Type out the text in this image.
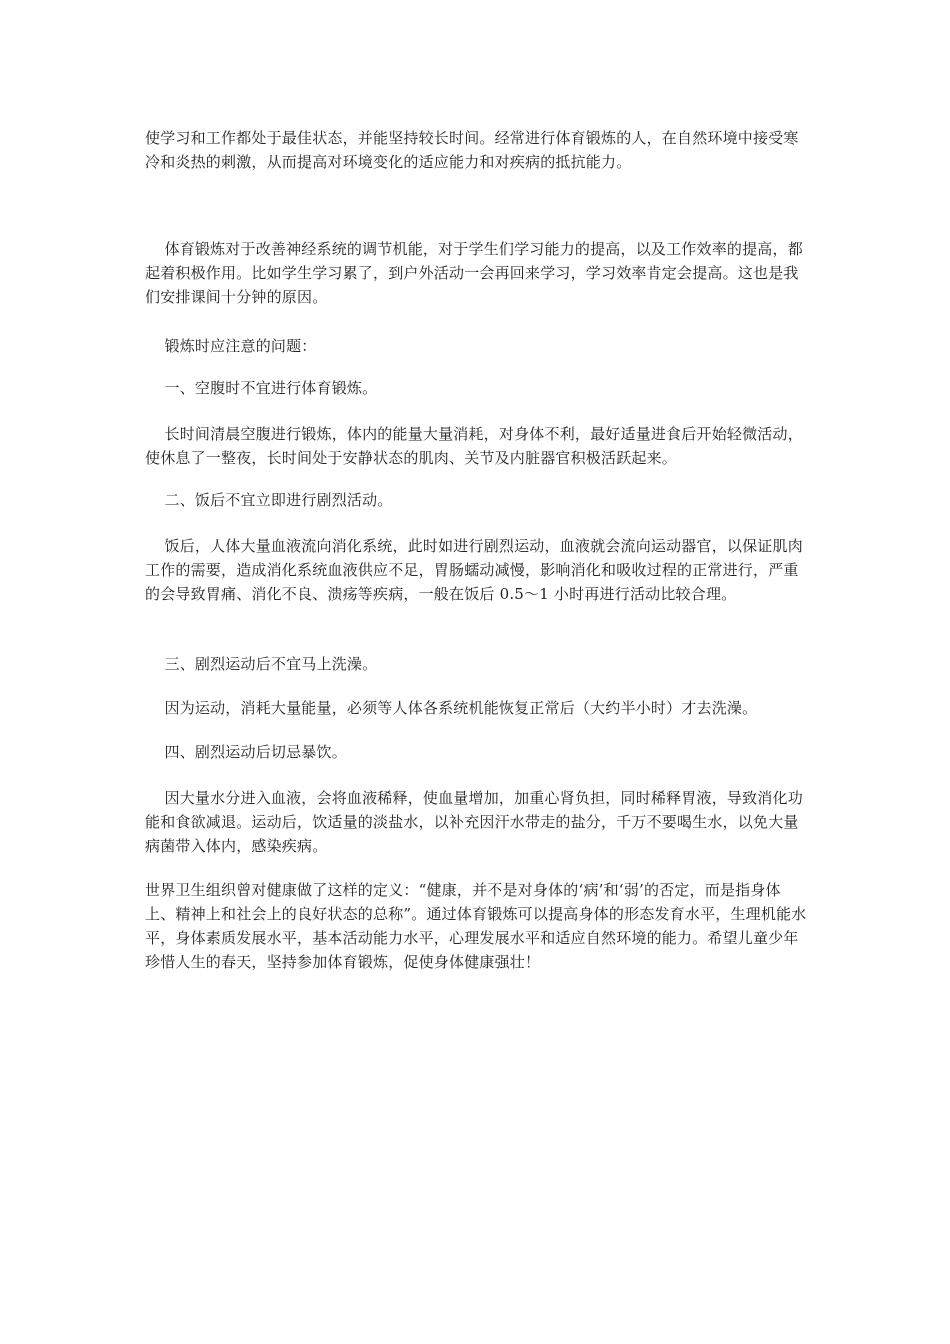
使学习和工作都处于最佳状态，并能坚持较长时间。经常进行体育锻炼的人，在自然环境中接受寒冷和炎热的刺激，从而提高对环境变化的适应能力和对疾病的抵抗能力。

体育锻炼对于改善神经系统的调节机能，对于学生们学习能力的提高，以及工作效率的提高，都起着积极作用。比如学生学习累了，到户外活动一会再回来学习，学习效率肯定会提高。这也是我们安排课间十分钟的原因。

锻炼时应注意的问题：

一、空腹时不宜进行体育锻炼。

长时间清晨空腹进行锻炼，体内的能量大量消耗，对身体不利，最好适量进食后开始轻微活动，使休息了一整夜，长时间处于安静状态的肌肉、关节及内脏器官积极活跃起来。

二、饭后不宜立即进行剧烈活动。

饭后，人体大量血液流向消化系统，此时如进行剧烈运动，血液就会流向运动器官，以保证肌肉工作的需要，造成消化系统血液供应不足，胃肠蠕动减慢，影响消化和吸收过程的正常进行，严重的会导致胃痛、消化不良、溃疡等疾病，一般在饭后 0.5～1 小时再进行活动比较合理。

三、剧烈运动后不宜马上洗澡。

因为运动，消耗大量能量，必须等人体各系统机能恢复正常后（大约半小时）才去洗澡。

四、剧烈运动后切忌暴饮。

因大量水分进入血液，会将血液稀释，使血量增加，加重心肾负担，同时稀释胃液，导致消化功能和食欲减退。运动后，饮适量的淡盐水，以补充因汗水带走的盐分，千万不要喝生水，以免大量病菌带入体内，感染疾病。

世界卫生组织曾对健康做了这样的定义：“健康，并不是对身体的‘病’和‘弱’的否定，而是指身体上、精神上和社会上的良好状态的总称”。通过体育锻炼可以提高身体的形态发育水平，生理机能水平，身体素质发展水平，基本活动能力水平，心理发展水平和适应自然环境的能力。希望儿童少年珍惜人生的春天，坚持参加体育锻炼，促使身体健康强壮！
